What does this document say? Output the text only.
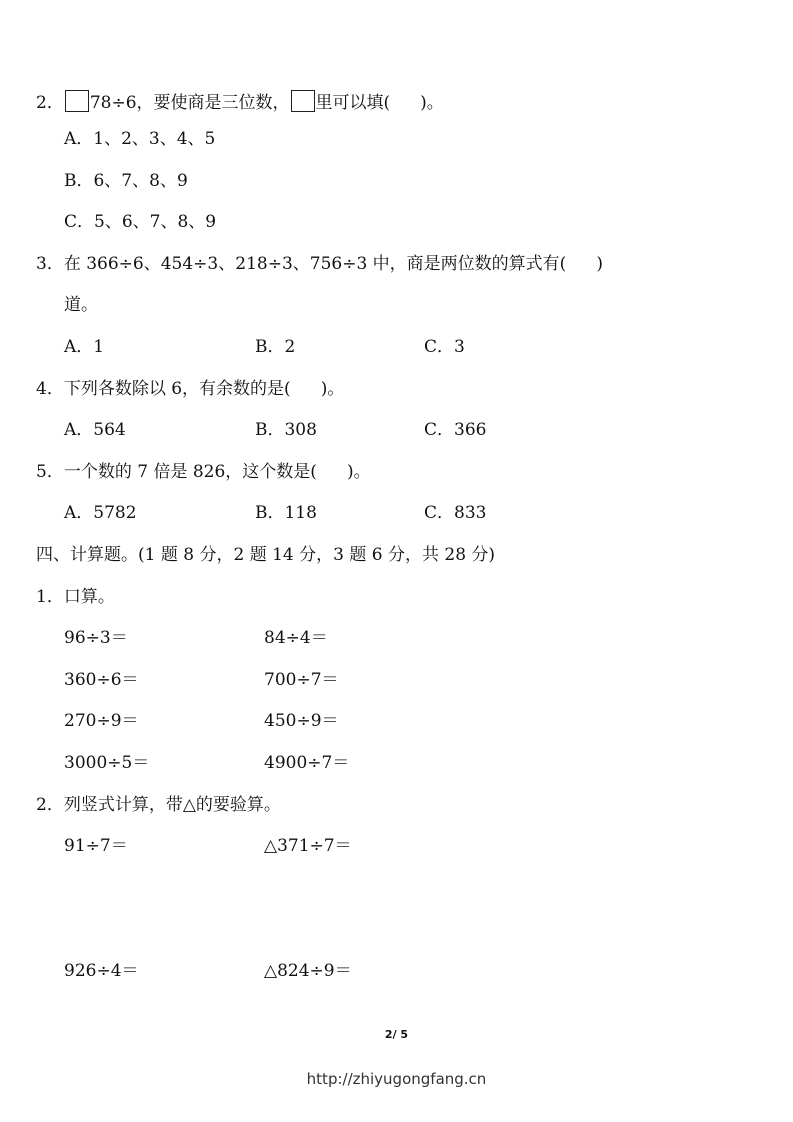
2． 78÷6，要使商是三位数， 里可以填( )。
A．1、2、3、4、5
B．6、7、8、9
C．5、6、7、8、9
3．在 366÷6、454÷3、218÷3、756÷3 中，商是两位数的算式有( )
道。
A．1	B．2	C．3
4．下列各数除以 6，有余数的是( )。
A．564	B．308	C．366
5．一个数的 7 倍是 826，这个数是( )。
A．5782	B．118	C．833
四、计算题。(1 题 8 分，2 题 14 分，3 题 6 分，共 28 分)
1．口算。
96÷3＝	84÷4＝
360÷6＝	700÷7＝
270÷9＝	450÷9＝
3000÷5＝	4900÷7＝
2．列竖式计算，带△的要验算。
91÷7＝	△371÷7＝
926÷4＝	△824÷9＝
2/ 5
http://zhiyugongfang.cn
